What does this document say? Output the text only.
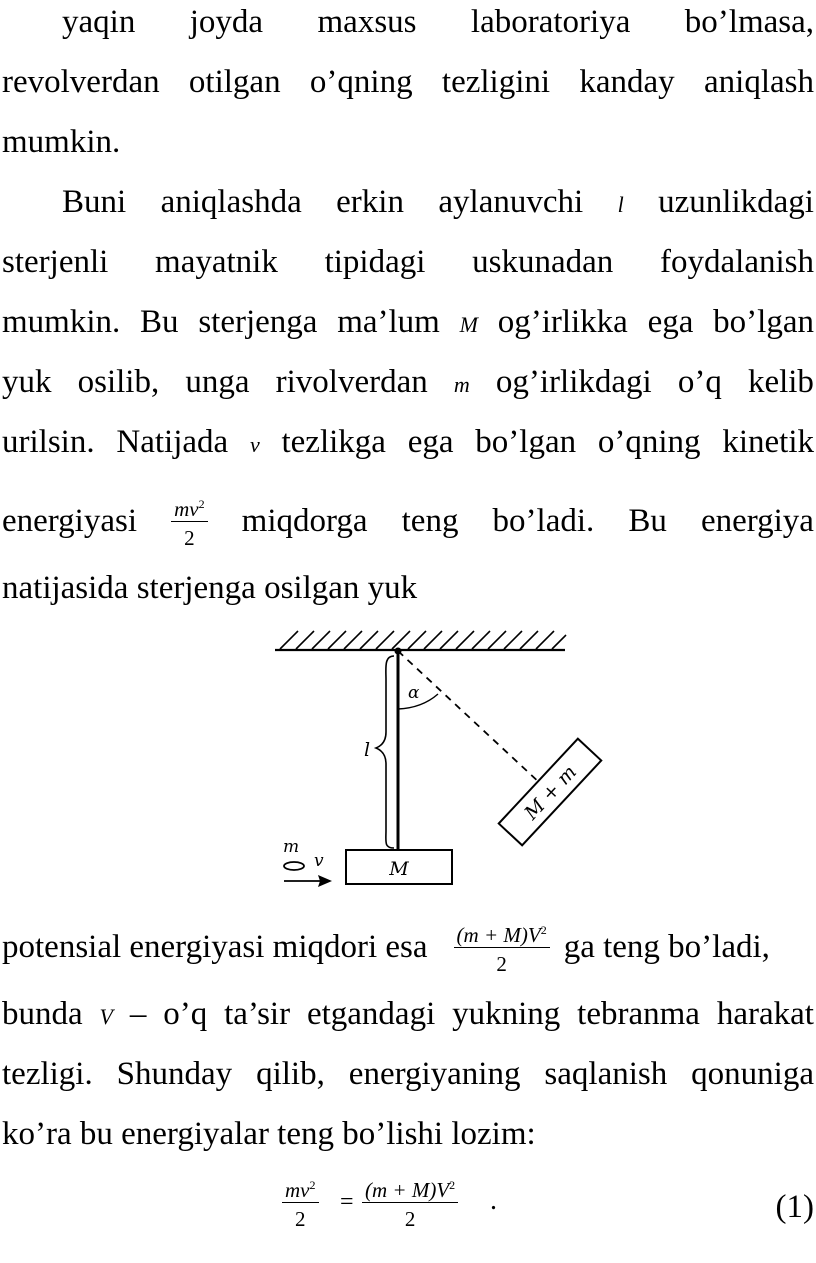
yaqin joyda maxsus laboratoriya bo’lmasa,
revolverdan otilgan o’qning tezligini kanday aniqlash
mumkin.
Buni aniqlashda erkin aylanuvchi l uzunlikdagi
sterjenli mayatnik tipidagi uskunadan foydalanish
mumkin. Bu sterjenga ma’lum M og’irlikka ega bo’lgan
yuk osilib, unga rivolverdan m og’irlikdagi o’q kelib
urilsin. Natijada v tezlikga ega bo’lgan o’qning kinetik
energiyasi $\frac{mv^2}{2}$ miqdorga teng bo’ladi. Bu energiya
natijasida sterjenga osilgan yuk
α
l
M
M + m
m
v
potensial energiyasi miqdori esa $\frac{(m + M)V^2}{2}$ ga teng bo’ladi,
bunda V – o’q ta’sir etgandagi yukning tebranma harakat
tezligi. Shunday qilib, energiyaning saqlanish qonuniga
ko’ra bu energiyalar teng bo’lishi lozim:
$\frac{mv^2}{2} = \frac{(m + M)V^2}{2}$ .	(1)
